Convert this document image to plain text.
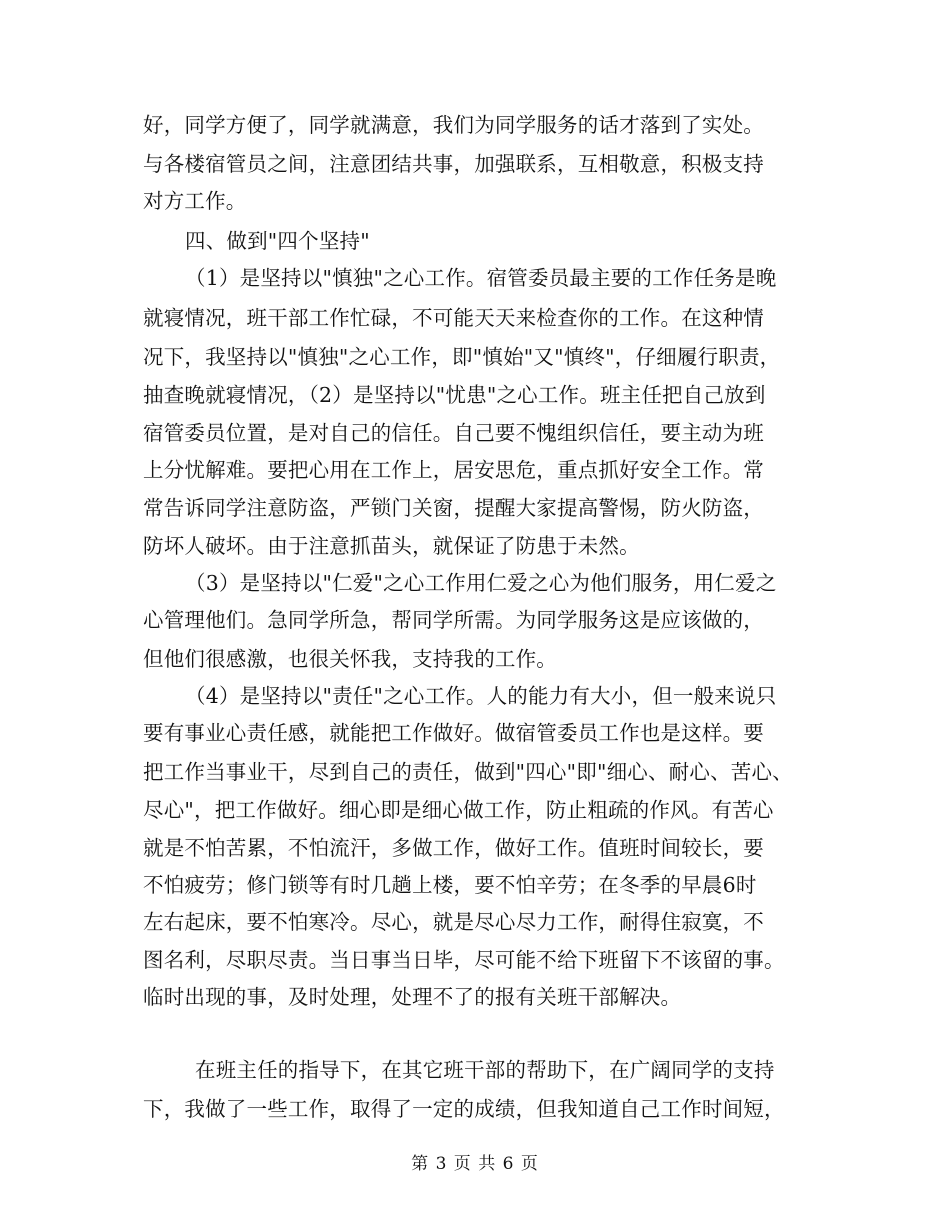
好，同学方便了，同学就满意，我们为同学服务的话才落到了实处。
与各楼宿管员之间，注意团结共事，加强联系，互相敬意，积极支持
对方工作。
四、做到"四个坚持"
（1）是坚持以"慎独"之心工作。宿管委员最主要的工作任务是晚
就寝情况，班干部工作忙碌，不可能天天来检查你的工作。在这种情
况下，我坚持以"慎独"之心工作，即"慎始"又"慎终"，仔细履行职责，
抽查晚就寝情况，（2）是坚持以"忧患"之心工作。班主任把自己放到
宿管委员位置，是对自己的信任。自己要不愧组织信任，要主动为班
上分忧解难。要把心用在工作上，居安思危，重点抓好安全工作。常
常告诉同学注意防盗，严锁门关窗，提醒大家提高警惕，防火防盗，
防坏人破坏。由于注意抓苗头，就保证了防患于未然。
（3）是坚持以"仁爱"之心工作用仁爱之心为他们服务，用仁爱之
心管理他们。急同学所急，帮同学所需。为同学服务这是应该做的，
但他们很感激，也很关怀我，支持我的工作。
（4）是坚持以"责任"之心工作。人的能力有大小，但一般来说只
要有事业心责任感，就能把工作做好。做宿管委员工作也是这样。要
把工作当事业干，尽到自己的责任，做到"四心"即"细心、耐心、苦心、
尽心"，把工作做好。细心即是细心做工作，防止粗疏的作风。有苦心
就是不怕苦累，不怕流汗，多做工作，做好工作。值班时间较长，要
不怕疲劳；修门锁等有时几趟上楼，要不怕辛劳；在冬季的早晨6时
左右起床，要不怕寒冷。尽心，就是尽心尽力工作，耐得住寂寞，不
图名利，尽职尽责。当日事当日毕，尽可能不给下班留下不该留的事。
临时出现的事，及时处理，处理不了的报有关班干部解决。
在班主任的指导下，在其它班干部的帮助下，在广阔同学的支持
下，我做了一些工作，取得了一定的成绩，但我知道自己工作时间短，
第 3 页 共 6 页
